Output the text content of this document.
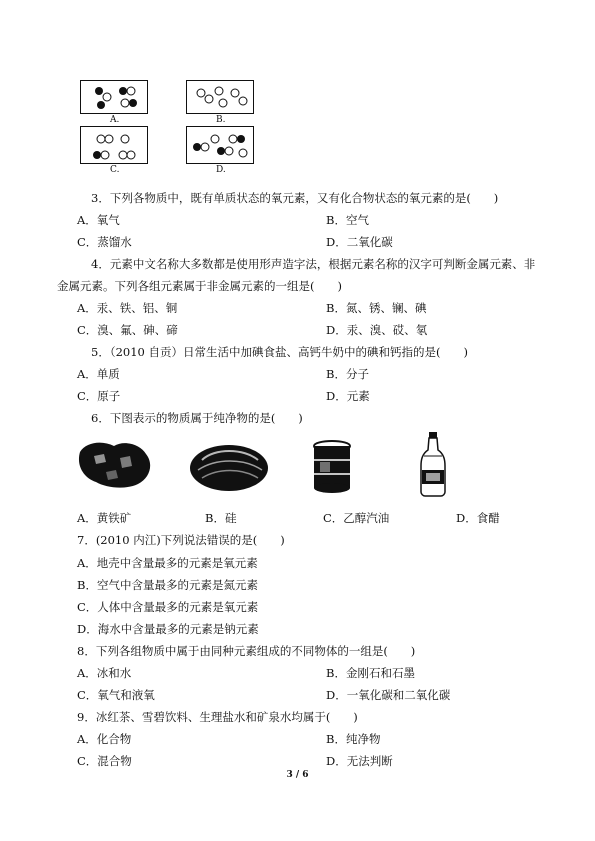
A.	B.
C.	D.
3．下列各物质中，既有单质状态的氧元素，又有化合物状态的氧元素的是(　　)
A．氧气	B．空气
C．蒸馏水	D．二氧化碳
4．元素中文名称大多数都是使用形声造字法，根据元素名称的汉字可判断金属元素、非
金属元素。下列各组元素属于非金属元素的一组是(　　)
A．汞、铁、铝、铜	B．氮、锈、镧、碘
C．溴、氟、砷、碲	D．汞、溴、砹、氡
5．（2010 自贡）日常生活中加碘食盐、高钙牛奶中的碘和钙指的是(　　)
A．单质	B．分子
C．原子	D．元素
6．下图表示的物质属于纯净物的是(　　)
A．黄铁矿	B．硅	C．乙醇汽油	D．食醋
7．(2010 内江)下列说法错误的是(　　)
A．地壳中含量最多的元素是氧元素
B．空气中含量最多的元素是氮元素
C．人体中含量最多的元素是氧元素
D．海水中含量最多的元素是钠元素
8．下列各组物质中属于由同种元素组成的不同物体的一组是(　　)
A．冰和水	B．金刚石和石墨
C．氧气和液氧	D．一氧化碳和二氧化碳
9．冰红茶、雪碧饮料、生理盐水和矿泉水均属于(　　)
A．化合物	B．纯净物
C．混合物	D．无法判断
3 / 6
